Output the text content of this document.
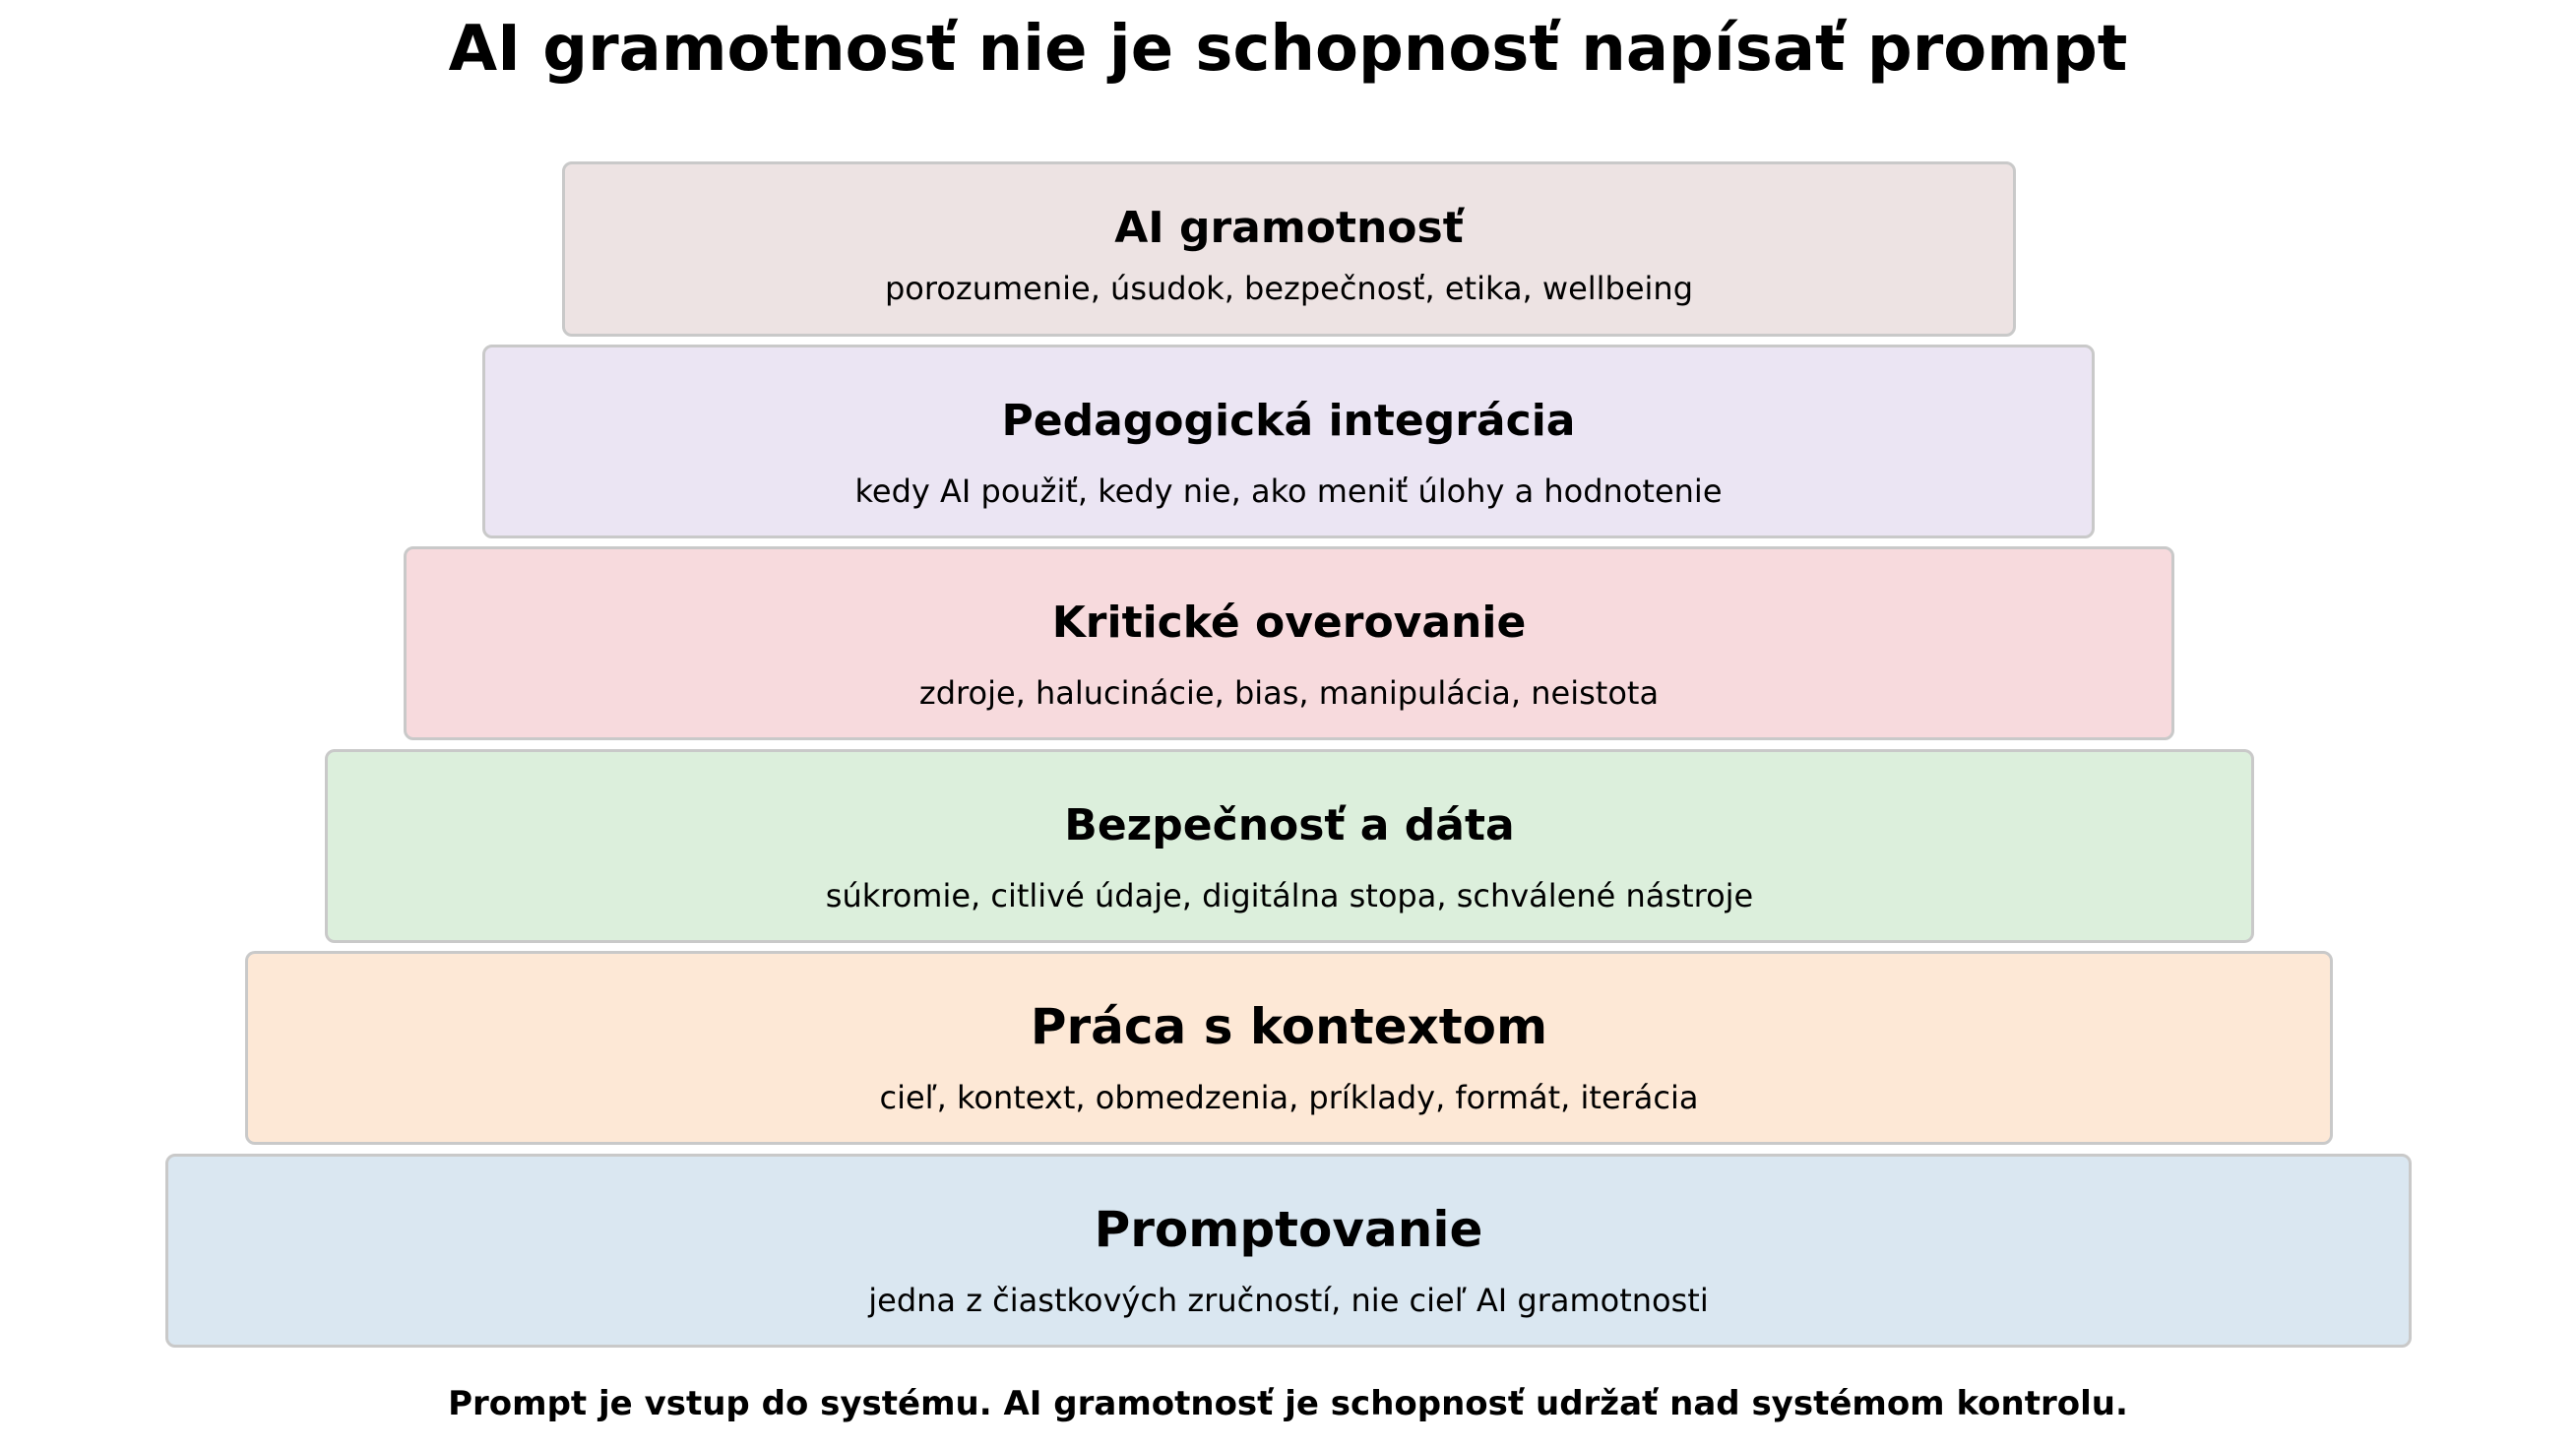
AI gramotnosť nie je schopnosť napísať prompt
AI gramotnosť
porozumenie, úsudok, bezpečnosť, etika, wellbeing
Pedagogická integrácia
kedy AI použiť, kedy nie, ako meniť úlohy a hodnotenie
Kritické overovanie
zdroje, halucinácie, bias, manipulácia, neistota
Bezpečnosť a dáta
súkromie, citlivé údaje, digitálna stopa, schválené nástroje
Práca s kontextom
cieľ, kontext, obmedzenia, príklady, formát, iterácia
Promptovanie
jedna z čiastkových zručností, nie cieľ AI gramotnosti

Prompt je vstup do systému. AI gramotnosť je schopnosť udržať nad systémom kontrolu.
